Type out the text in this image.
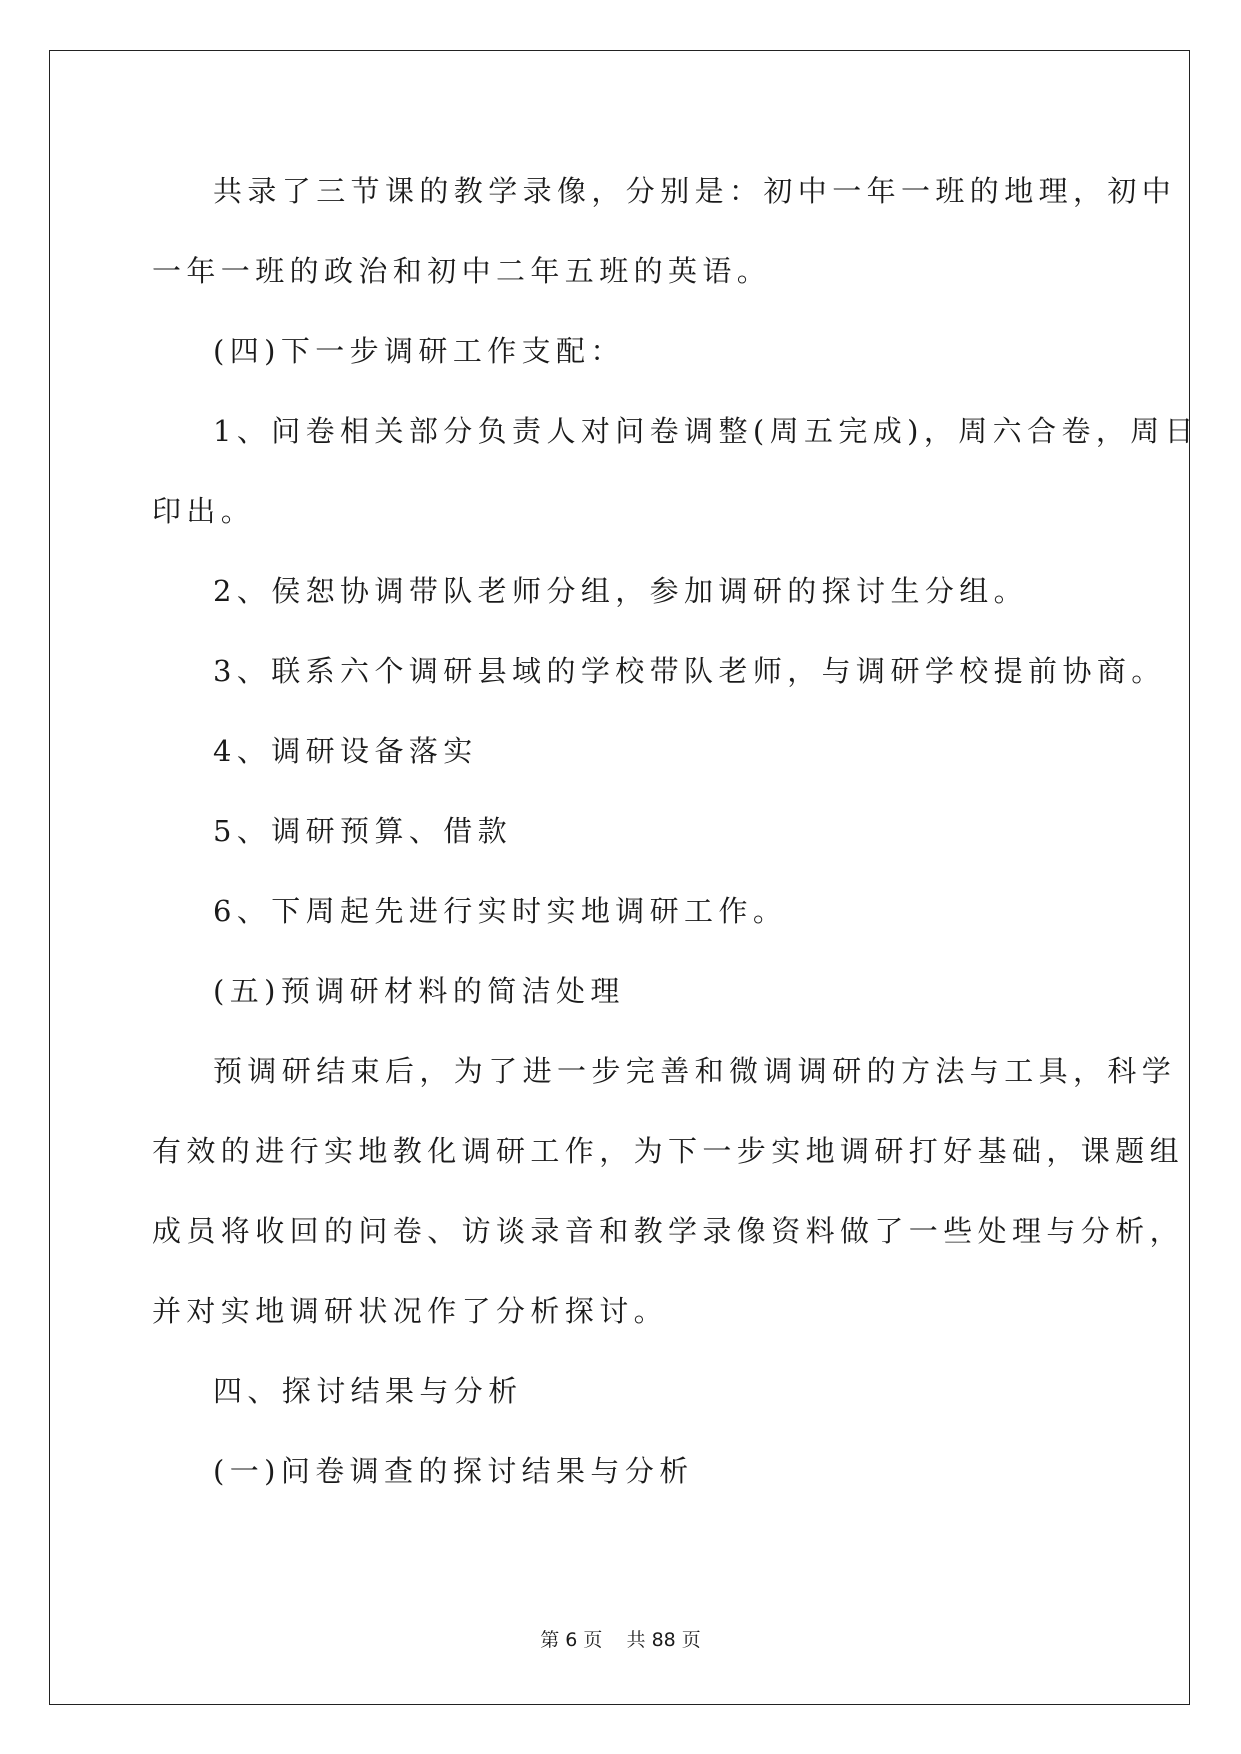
共录了三节课的教学录像，分别是：初中一年一班的地理，初中
一年一班的政治和初中二年五班的英语。
(四)下一步调研工作支配：
1、问卷相关部分负责人对问卷调整(周五完成)，周六合卷，周日
印出。
2、侯恕协调带队老师分组，参加调研的探讨生分组。
3、联系六个调研县域的学校带队老师，与调研学校提前协商。
4、调研设备落实
5、调研预算、借款
6、下周起先进行实时实地调研工作。
(五)预调研材料的简洁处理
预调研结束后，为了进一步完善和微调调研的方法与工具，科学
有效的进行实地教化调研工作，为下一步实地调研打好基础，课题组
成员将收回的问卷、访谈录音和教学录像资料做了一些处理与分析，
并对实地调研状况作了分析探讨。
四、探讨结果与分析
(一)问卷调查的探讨结果与分析
第 6 页    共 88 页
